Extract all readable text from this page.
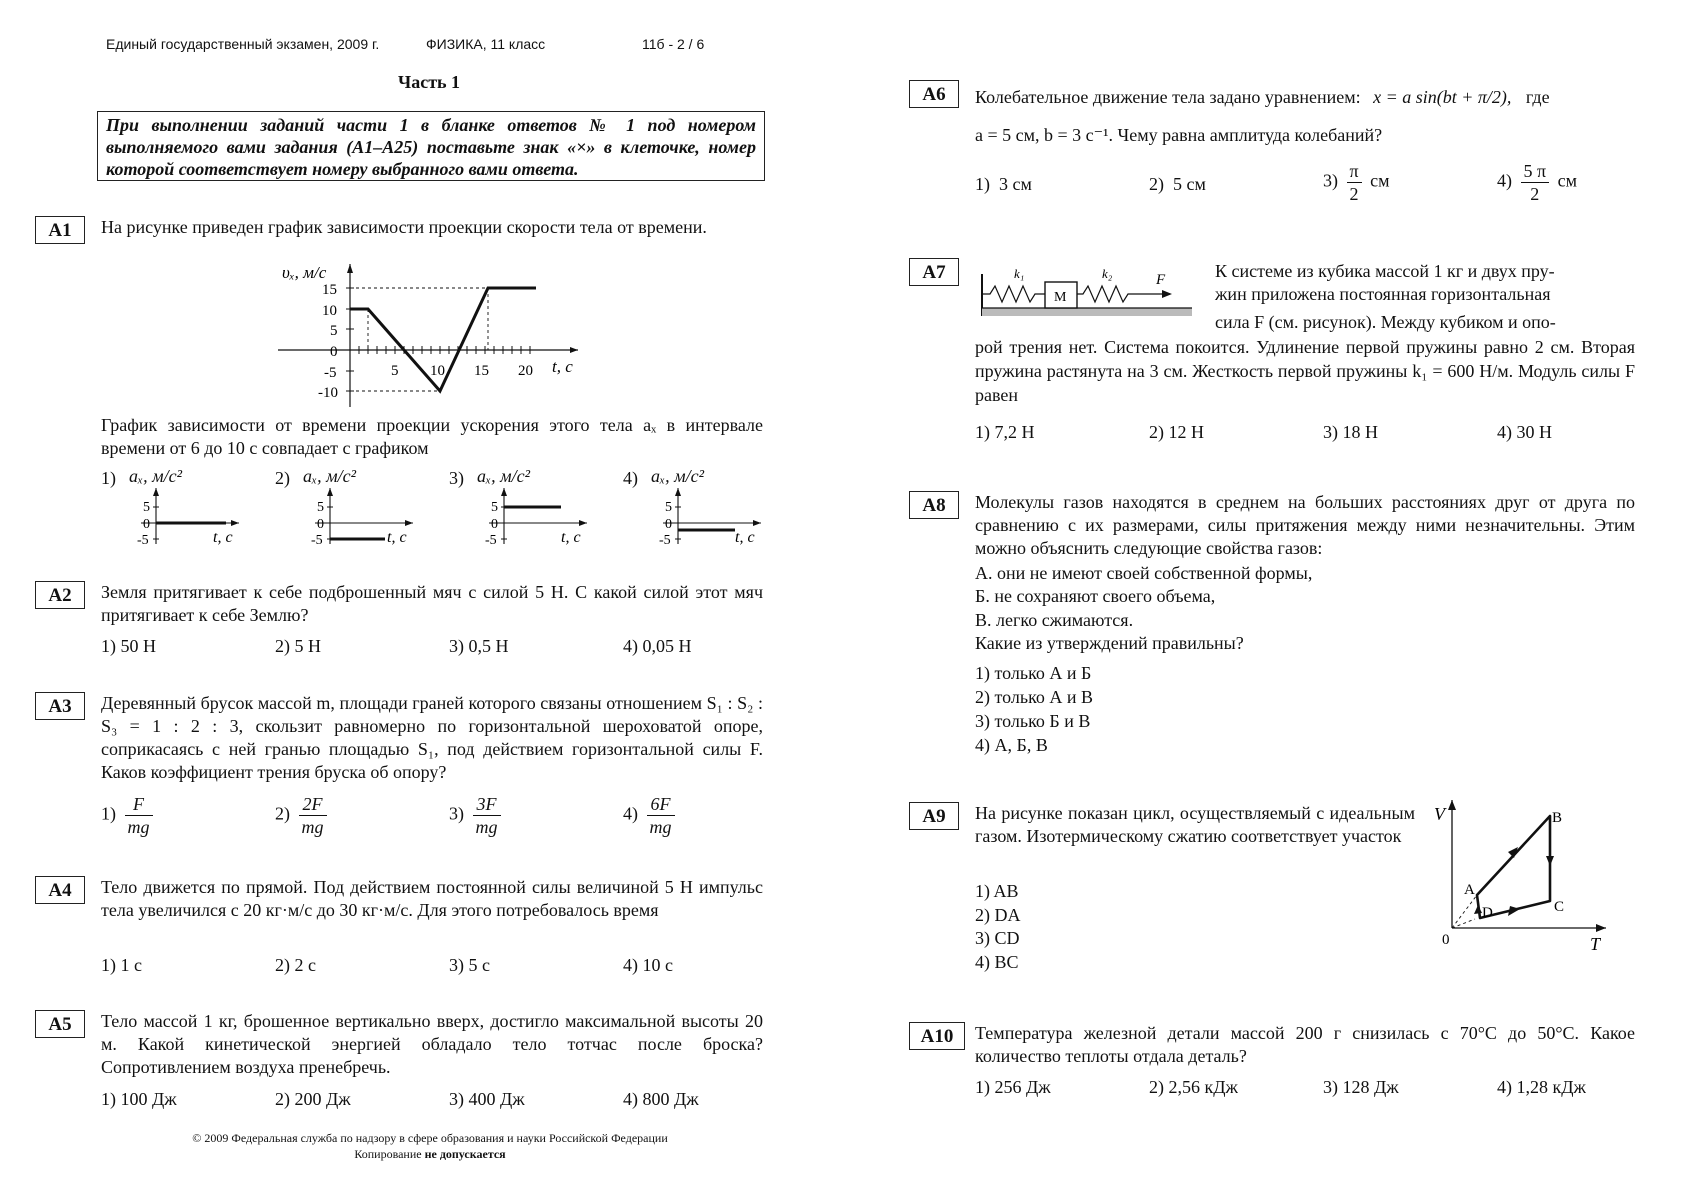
Единый государственный экзамен, 2009 г.	ФИЗИКА, 11 класс	11б - 2 / 6
Часть 1
При выполнении заданий части 1 в бланке ответов № 1 под номером выполняемого вами задания (А1–А25) поставьте знак «×» в клеточке, номер которой соответствует номеру выбранного вами ответа.
А1	На рисунке приведен график зависимости проекции скорости тела от времени.
υₓ, м/с
t, c
15
10
5
0
-5
-10
5 10 15 20
График зависимости от времени проекции ускорения этого тела aₓ в интервале времени от 6 до 10 с совпадает с графиком
1) aₓ, м/с²
5
0
-5	t, c
2) aₓ, м/с²
5
0
-5	t, c
3) aₓ, м/с²
5
0
-5	t, c
4) aₓ, м/с²
5
0
-5	t, c
А2	Земля притягивает к себе подброшенный мяч с силой 5 Н. С какой силой этот мяч притягивает к себе Землю?
1) 50 Н	2) 5 Н	3) 0,5 Н	4) 0,05 Н
А3	Деревянный брусок массой m, площади граней которого связаны отношением S₁ : S₂ : S₃ = 1 : 2 : 3, скользит равномерно по горизонтальной шероховатой опоре, соприкасаясь с ней гранью площадью S₁, под действием горизонтальной силы F. Каков коэффициент трения бруска об опору?
$1) \frac{F}{mg}$	$2) \frac{2F}{mg}$	$3) \frac{3F}{mg}$	$4) \frac{6F}{mg}$
А4	Тело движется по прямой. Под действием постоянной силы величиной 5 Н импульс тела увеличился с 20 кг·м/с до 30 кг·м/с. Для этого потребовалось время
1) 1 с	2) 2 с	3) 5 с	4) 10 с
А5	Тело массой 1 кг, брошенное вертикально вверх, достигло максимальной высоты 20 м. Какой кинетической энергией обладало тело тотчас после броска? Сопротивлением воздуха пренебречь.
1) 100 Дж	2) 200 Дж	3) 400 Дж	4) 800 Дж
© 2009 Федеральная служба по надзору в сфере образования и науки Российской Федерации
Копирование не допускается
А6	Колебательное движение тела задано уравнением: x = a sin(bt + π/2), где
a = 5 см, b = 3 с⁻¹. Чему равна амплитуда колебаний?
1) 3 см	2) 5 см	$3) \frac{\pi}{2}$ см	$4) \frac{5 \pi}{2}$ см
А7
M
k₁	k₂	F	К системе из кубика массой 1 кг и двух пру-
жин приложена постоянная горизонтальная
сила F (см. рисунок). Между кубиком и опо-
рой трения нет. Система покоится. Удлинение первой пружины равно 2 см. Вторая пружина растянута на 3 см. Жесткость первой пружины k₁ = 600 Н/м. Модуль силы F равен
1) 7,2 Н	2) 12 Н	3) 18 Н	4) 30 Н
А8	Молекулы газов находятся в среднем на больших расстояниях друг от друга по сравнению с их размерами, силы притяжения между ними незначительны. Этим можно объяснить следующие свойства газов:
А. они не имеют своей собственной формы,
Б. не сохраняют своего объема,
В. легко сжимаются.
Какие из утверждений правильны?
1) только А и Б
2) только А и В
3) только Б и В
4) А, Б, В
А9	На рисунке показан цикл, осуществляемый с идеальным газом. Изотермическому сжатию соответствует участок
1) AB
2) DA
3) CD
4) BC
V
T
0
A
B
C
D
А10	Температура железной детали массой 200 г снизилась с 70°С до 50°С. Какое количество теплоты отдала деталь?
1) 256 Дж	2) 2,56 кДж	3) 128 Дж	4) 1,28 кДж
